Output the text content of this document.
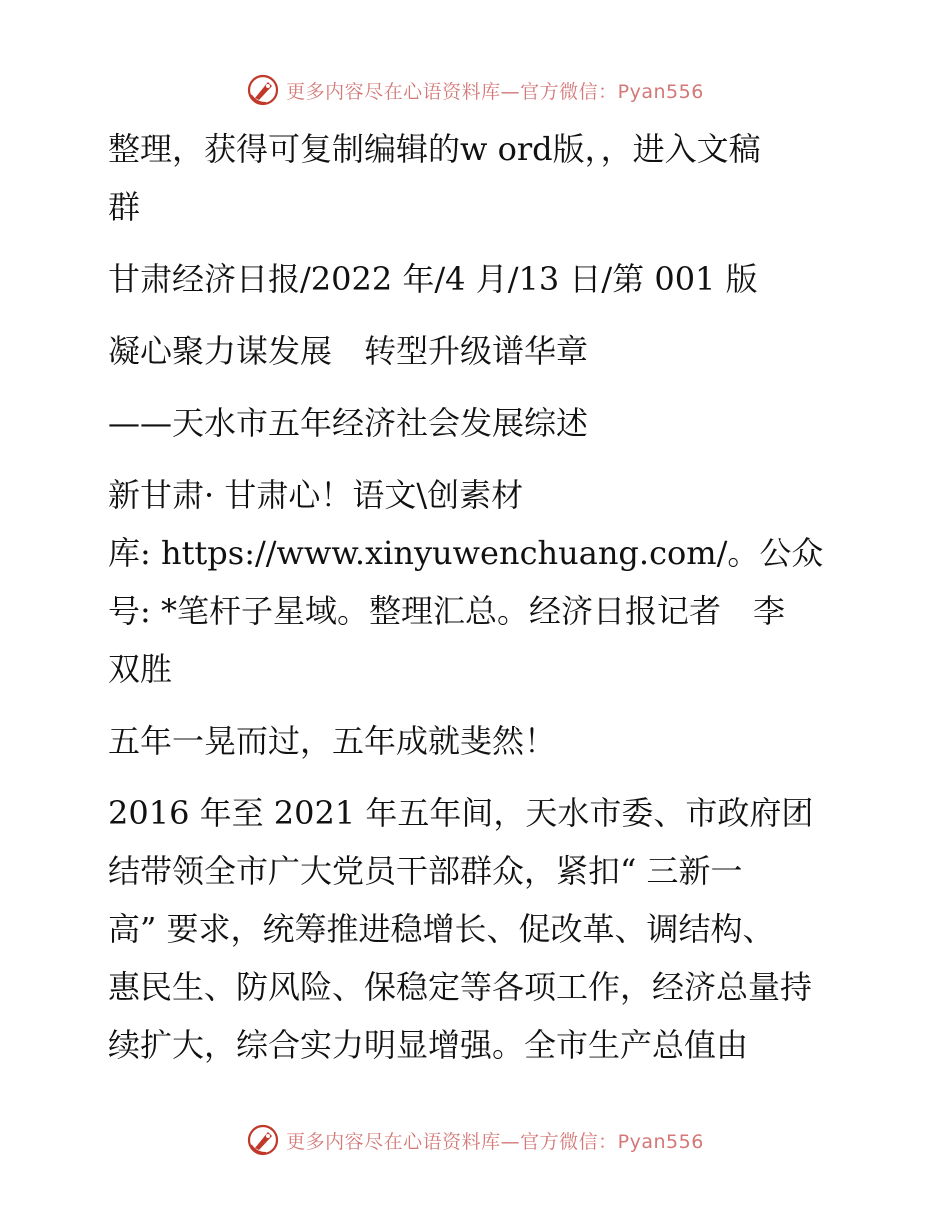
更多内容尽在心语资料库—官方微信：Pyan556

整理，获得可复制编辑的w ord版，，进入文稿
群

甘肃经济日报/2022 年/4 月/13 日/第 001 版

凝心聚力谋发展　转型升级谱华章

——天水市五年经济社会发展综述

新甘肃· 甘肃心！语文\创素材
库: https://www.xinyuwenchuang.com/。公众
号: *笔杆子星域。整理汇总。经济日报记者　李
双胜

五年一晃而过，五年成就斐然！

2016 年至 2021 年五年间，天水市委、市政府团
结带领全市广大党员干部群众，紧扣“ 三新一
高” 要求，统筹推进稳增长、促改革、调结构、
惠民生、防风险、保稳定等各项工作，经济总量持
续扩大，综合实力明显增强。全市生产总值由

更多内容尽在心语资料库—官方微信：Pyan556
